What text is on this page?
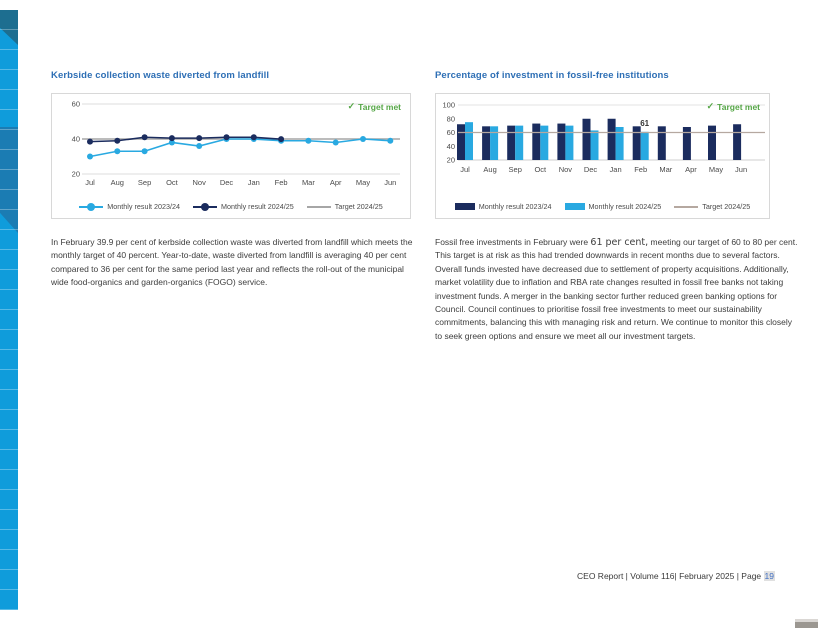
Kerbside collection waste diverted from landfill
✓ Target met
20
40
60
Jul Aug Sep Oct Nov Dec Jan Feb Mar Apr May Jun
Monthly result 2023/24	Monthly result 2024/25	Target 2024/25

In February 39.9 per cent of kerbside collection waste was diverted from landfill which meets the monthly target of 40 percent. Year-to-date, waste diverted from landfill is averaging 40 per cent compared to 36 per cent for the same period last year and reflects the roll-out of the municipal wide food-organics and garden-organics (FOGO) service.

Percentage of investment in fossil-free institutions
✓ Target met
20
40
60
80
100
Jul Aug Sep Oct Nov Dec Jan Feb Mar Apr May Jun
61
Monthly result 2023/24	Monthly result 2024/25	Target 2024/25

Fossil free investments in February were 61 per cent, meeting our target of 60 to 80 per cent. This target is at risk as this had trended downwards in recent months due to several factors. Overall funds invested have decreased due to settlement of property acquisitions. Additionally, market volatility due to inflation and RBA rate changes resulted in fossil free banks not taking investment funds. A merger in the banking sector further reduced green banking options for Council. Council continues to prioritise fossil free investments to meet our sustainability commitments, balancing this with managing risk and return. We continue to monitor this closely to seek green options and ensure we meet all our investment targets.

CEO Report | Volume 116| February 2025 | Page 19
